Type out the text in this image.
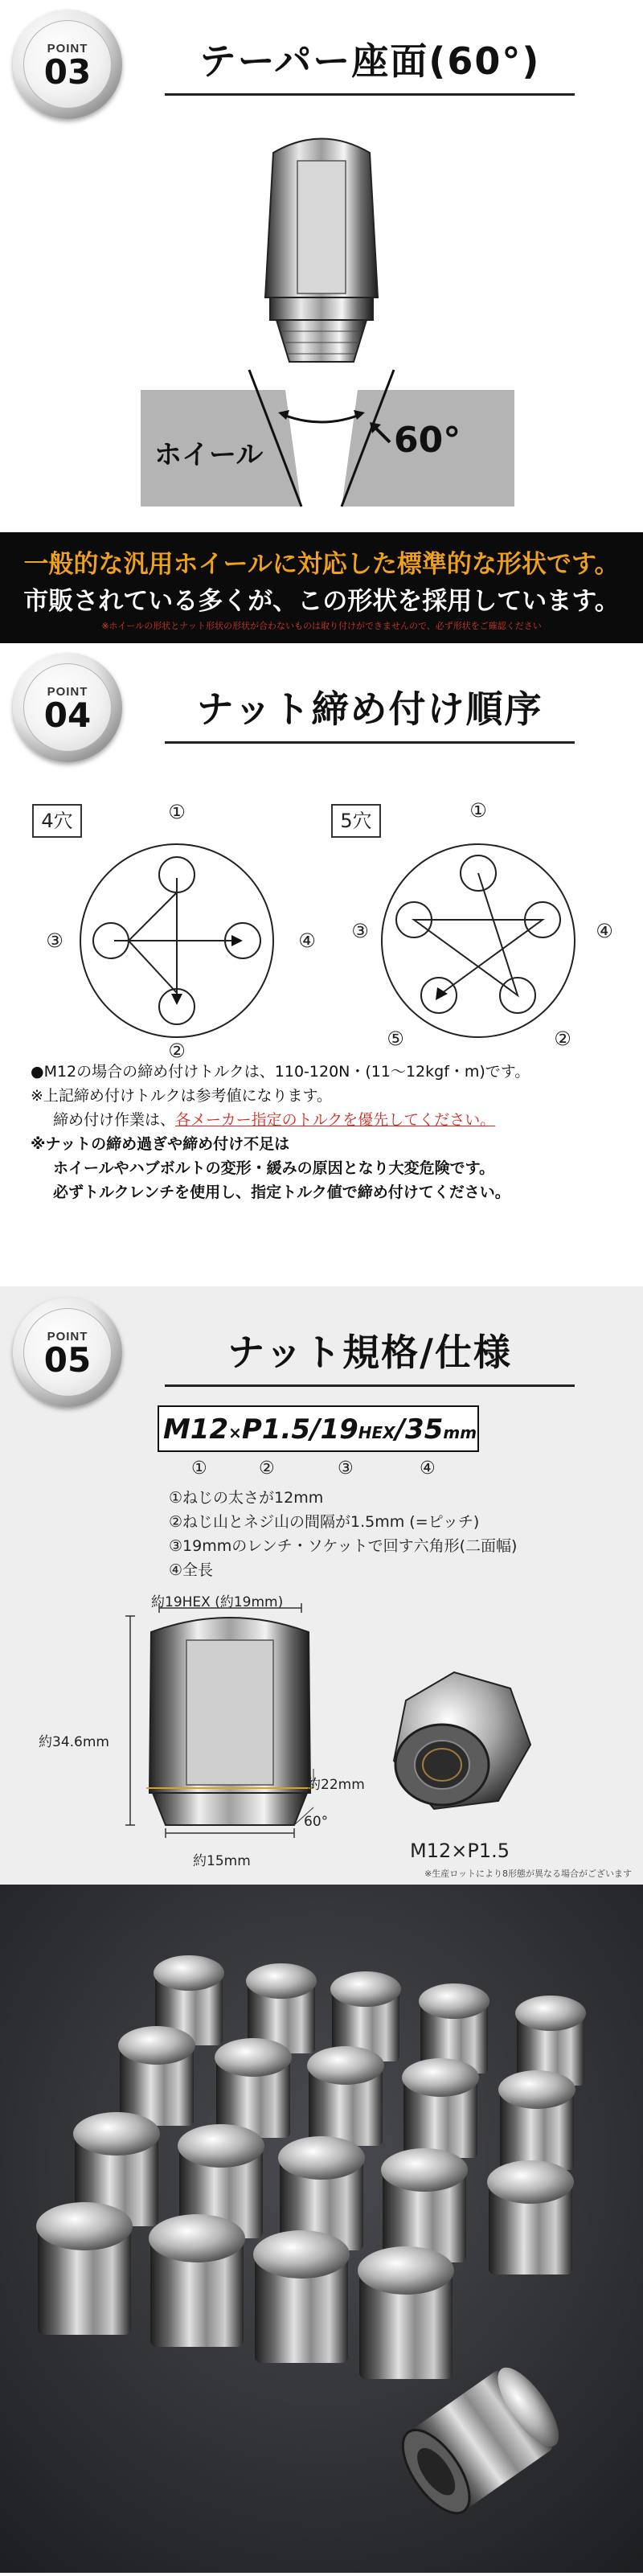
POINT
03	テーパー座面(60°)
ホイール	60°
一般的な汎用ホイールに対応した標準的な形状です。
市販されている多くが、この形状を採用しています。
※ホイールの形状とナット形状の形状が合わないものは取り付けができませんので、必ず形状をご確認ください
POINT
04	ナット締め付け順序
4穴	①
②
③	④
5穴	①
②
③	④
⑤

●M12の場合の締め付けトルクは、110-120N・(11〜12kgf・m)です。

※上記締め付けトルクは参考値になります。

締め付け作業は、各メーカー指定のトルクを優先してください。

※ナットの締め過ぎや締め付け不足は

ホイールやハブボルトの変形・緩みの原因となり大変危険です。

必ずトルクレンチを使用し、指定トルク値で締め付けてください。

POINT
05	ナット規格/仕様
M12×P1.5/19HEX/35mm
①	②	③	④

①ねじの太さが12mm

②ねじ山とネジ山の間隔が1.5mm (=ピッチ)

③19mmのレンチ・ソケットで回す六角形(二面幅)

④全長

約19HEX (約19mm)
約34.6mm
約22mm
60°
約15mm	M12×P1.5
※生産ロットにより8形態が異なる場合がございます
